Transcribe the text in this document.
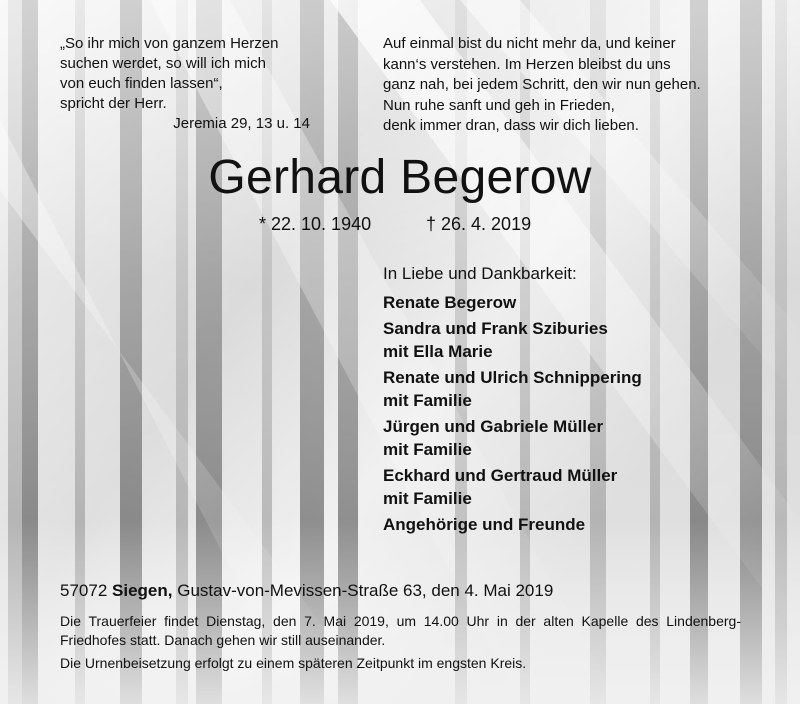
„So ihr mich von ganzem Herzen
suchen werdet, so will ich mich
von euch finden lassen“,
spricht der Herr.
Jeremia 29, 13 u. 14
Auf einmal bist du nicht mehr da, und keiner
kann‘s verstehen. Im Herzen bleibst du uns
ganz nah, bei jedem Schritt, den wir nun gehen.
Nun ruhe sanft und geh in Frieden,
denk immer dran, dass wir dich lieben.
Gerhard Begerow
* 22. 10. 1940	† 26. 4. 2019
In Liebe und Dankbarkeit:
Renate Begerow
Sandra und Frank Sziburies
mit Ella Marie
Renate und Ulrich Schnippering
mit Familie
Jürgen und Gabriele Müller
mit Familie
Eckhard und Gertraud Müller
mit Familie
Angehörige und Freunde
57072 Siegen, Gustav-von-Mevissen-Straße 63, den 4. Mai 2019
Die Trauerfeier findet Dienstag, den 7. Mai 2019, um 14.00 Uhr in der alten Kapelle des Lindenberg-Friedhofes statt. Danach gehen wir still auseinander.
Die Urnenbeisetzung erfolgt zu einem späteren Zeitpunkt im engsten Kreis.
